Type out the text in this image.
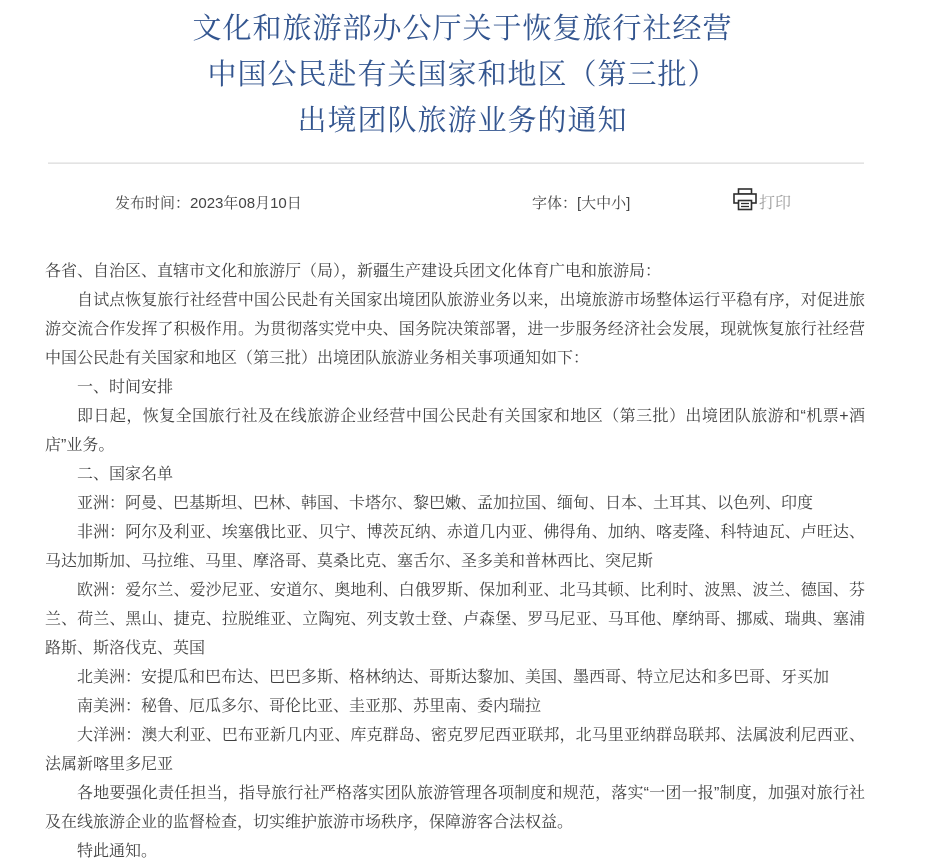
文化和旅游部办公厅关于恢复旅行社经营
中国公民赴有关国家和地区（第三批）
出境团队旅游业务的通知
发布时间：2023年08月10日	字体：[大中小]	打印

各省、自治区、直辖市文化和旅游厅（局），新疆生产建设兵团文化体育广电和旅游局：

自试点恢复旅行社经营中国公民赴有关国家出境团队旅游业务以来，出境旅游市场整体运行平稳有序，对促进旅游交流合作发挥了积极作用。为贯彻落实党中央、国务院决策部署，进一步服务经济社会发展，现就恢复旅行社经营中国公民赴有关国家和地区（第三批）出境团队旅游业务相关事项通知如下：

一、时间安排

即日起，恢复全国旅行社及在线旅游企业经营中国公民赴有关国家和地区（第三批）出境团队旅游和“机票+酒店”业务。

二、国家名单

亚洲：阿曼、巴基斯坦、巴林、韩国、卡塔尔、黎巴嫩、孟加拉国、缅甸、日本、土耳其、以色列、印度

非洲：阿尔及利亚、埃塞俄比亚、贝宁、博茨瓦纳、赤道几内亚、佛得角、加纳、喀麦隆、科特迪瓦、卢旺达、马达加斯加、马拉维、马里、摩洛哥、莫桑比克、塞舌尔、圣多美和普林西比、突尼斯

欧洲：爱尔兰、爱沙尼亚、安道尔、奥地利、白俄罗斯、保加利亚、北马其顿、比利时、波黑、波兰、德国、芬兰、荷兰、黑山、捷克、拉脱维亚、立陶宛、列支敦士登、卢森堡、罗马尼亚、马耳他、摩纳哥、挪威、瑞典、塞浦路斯、斯洛伐克、英国

北美洲：安提瓜和巴布达、巴巴多斯、格林纳达、哥斯达黎加、美国、墨西哥、特立尼达和多巴哥、牙买加

南美洲：秘鲁、厄瓜多尔、哥伦比亚、圭亚那、苏里南、委内瑞拉

大洋洲：澳大利亚、巴布亚新几内亚、库克群岛、密克罗尼西亚联邦，北马里亚纳群岛联邦、法属波利尼西亚、法属新喀里多尼亚

各地要强化责任担当，指导旅行社严格落实团队旅游管理各项制度和规范，落实“一团一报”制度，加强对旅行社及在线旅游企业的监督检查，切实维护旅游市场秩序，保障游客合法权益。

特此通知。
